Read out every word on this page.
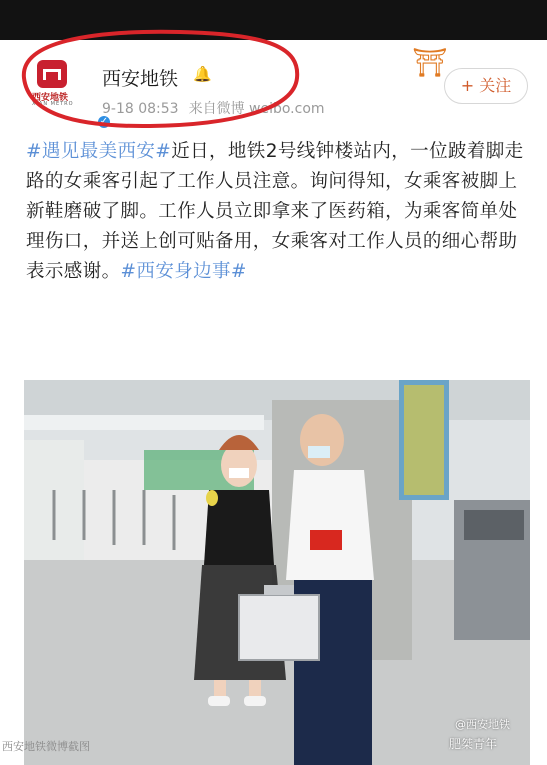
⛩
西安地铁
XIAN METRO
✓
西安地铁 🔔
9-18 08:53 来自微博 weibo.com
+ 关注
#遇见最美西安#近日，地铁2号线钟楼站内，一位跛着脚走路的女乘客引起了工作人员注意。询问得知，女乘客被脚上新鞋磨破了脚。工作人员立即拿来了医药箱，为乘客简单处理伤口，并送上创可贴备用，女乘客对工作人员的细心帮助表示感谢。#西安身边事#
肥桀青年
@西安地铁
西安地铁微博截图
